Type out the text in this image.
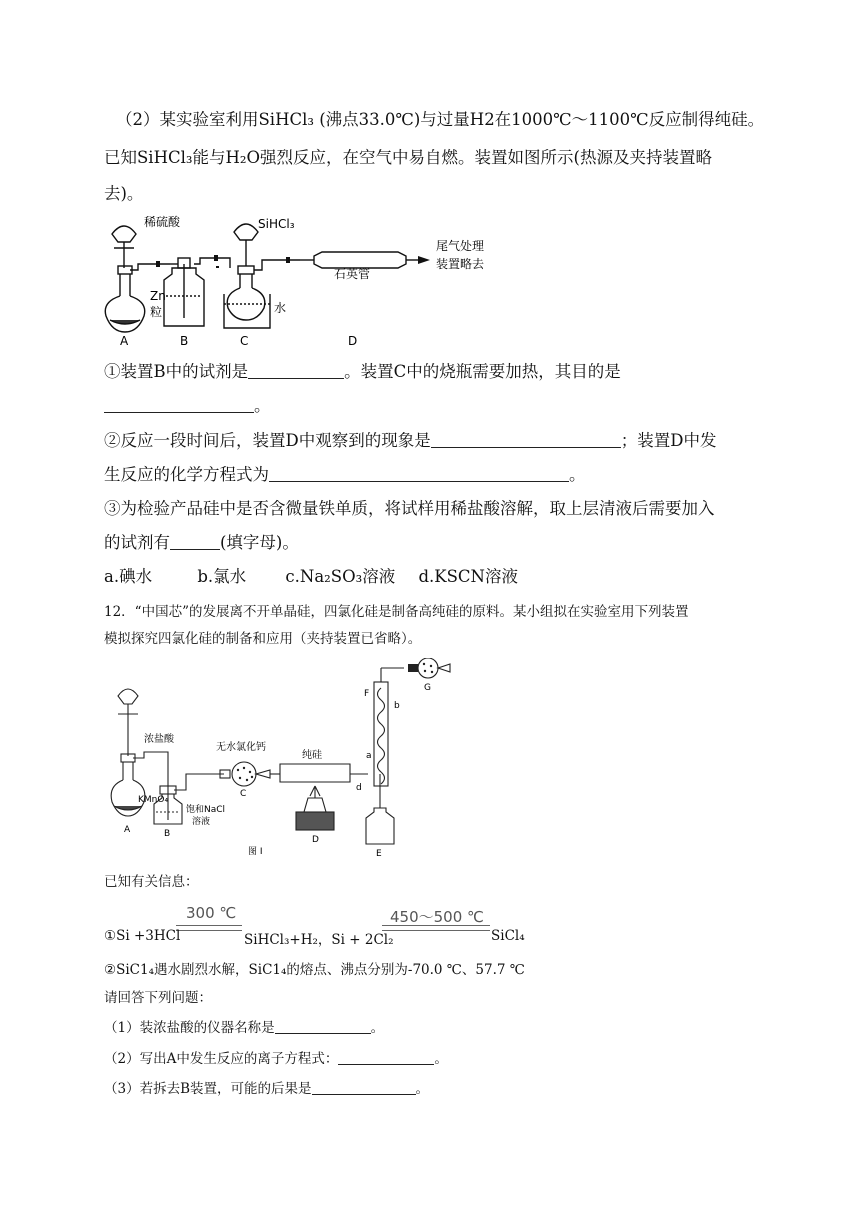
（2）某实验室利用SiHCl₃ (沸点33.0℃)与过量H2在1000℃～1100℃反应制得纯硅。
已知SiHCl₃能与H₂O强烈反应，在空气中易自燃。装置如图所示(热源及夹持装置略
去)。
稀硫酸	SiHCl₃
Zn
粒	水
石英管
尾气处理
装置略去
A	B	C	D
①装置B中的试剂是	。装置C中的烧瓶需要加热，其目的是
。
②反应一段时间后，装置D中观察到的现象是	；装置D中发
生反应的化学方程式为	。
③为检验产品硅中是否含微量铁单质，将试样用稀盐酸溶解，取上层清液后需要加入
的试剂有	(填字母)。
a.碘水	b.氯水 c.Na₂SO₃溶液 d.KSCN溶液
12．“中国芯”的发展离不开单晶硅，四氯化硅是制备高纯硅的原料。某小组拟在实验室用下列装置
模拟探究四氯化硅的制备和应用（夹持装置已省略）。
浓盐酸
无水氯化钙
纯硅
KMnO₄
饱和NaCl
溶液
A	B
C
D
E
F
G
a
b
d
图 I
已知有关信息：
300 ℃	450～500 ℃
①Si +3HCl	SiHCl₃+H₂，Si + 2Cl₂	SiCl₄
②SiC1₄遇水剧烈水解，SiC1₄的熔点、沸点分别为-70.0 ℃、57.7 ℃
请回答下列问题：
（1）装浓盐酸的仪器名称是	。
（2）写出A中发生反应的离子方程式：	。
（3）若拆去B装置，可能的后果是	。
